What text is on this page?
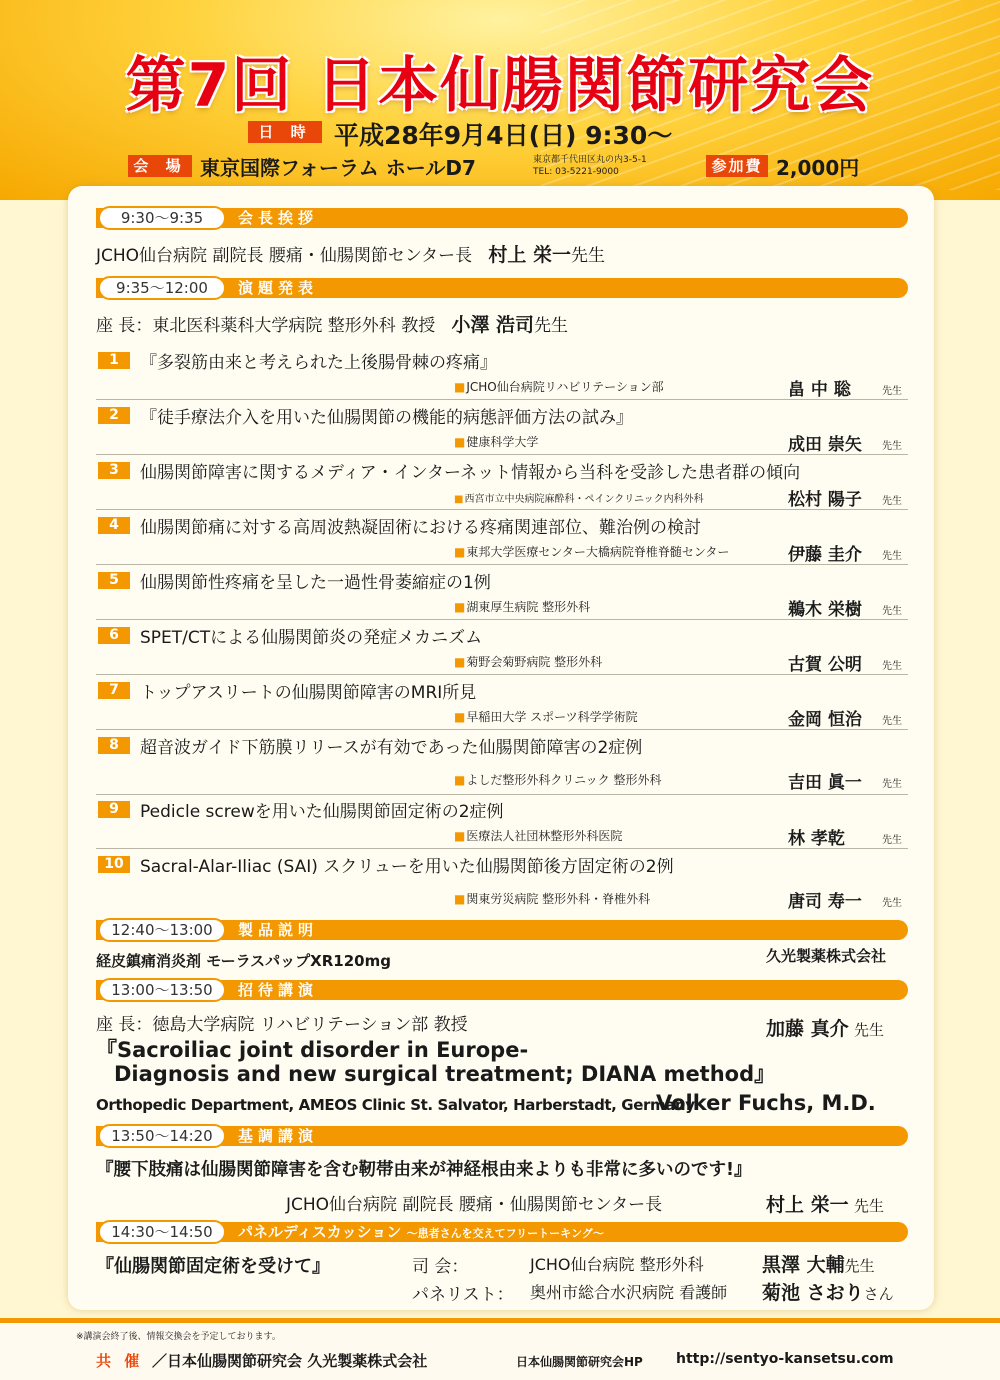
第7回 日本仙腸関節研究会
日 時 平成28年9月4日(日) 9:30〜
会 場 東京国際フォーラム ホールD7	東京都千代田区丸の内3-5-1
TEL: 03-5221-9000	参加費 2,000円
9:30〜9:35	会長挨拶
JCHO仙台病院 副院長 腰痛・仙腸関節センター長 村上 栄一先生
9:35〜12:00	演題発表
座 長：東北医科薬科大学病院 整形外科 教授 小澤 浩司先生
1	『多裂筋由来と考えられた上後腸骨棘の疼痛』
■ JCHO仙台病院リハビリテーション部	畠 中 聡	先生
2	『徒手療法介入を用いた仙腸関節の機能的病態評価方法の試み』
■ 健康科学大学	成田 崇矢 先生
3	仙腸関節障害に関するメディア・インターネット情報から当科を受診した患者群の傾向
■ 西宮市立中央病院麻酔科・ペインクリニック内科外科	松村 陽子 先生
4	仙腸関節痛に対する高周波熱凝固術における疼痛関連部位、難治例の検討
■ 東邦大学医療センター大橋病院脊椎脊髄センター	伊藤 圭介 先生
5	仙腸関節性疼痛を呈した一過性骨萎縮症の1例
■ 湖東厚生病院 整形外科	鵜木 栄樹 先生
6	SPET/CTによる仙腸関節炎の発症メカニズム
■ 菊野会菊野病院 整形外科	古賀 公明 先生
7	トップアスリートの仙腸関節障害のMRI所見
■ 早稲田大学 スポーツ科学学術院	金岡 恒治 先生
8	超音波ガイド下筋膜リリースが有効であった仙腸関節障害の2症例
■ よしだ整形外科クリニック 整形外科	吉田 眞一 先生
9	Pedicle screwを用いた仙腸関節固定術の2症例
■ 医療法人社団林整形外科医院	林 孝乾	先生
10 Sacral-Alar-Iliac (SAI) スクリューを用いた仙腸関節後方固定術の2例
■ 関東労災病院 整形外科・脊椎外科	唐司 寿一 先生
12:40〜13:00	製品説明
経皮鎮痛消炎剤 モーラスパップXR120mg	久光製薬株式会社
13:00〜13:50	招待講演
座 長：徳島大学病院 リハビリテーション部 教授	加藤 真介 先生
『Sacroiliac joint disorder in Europe-
Diagnosis and new surgical treatment; DIANA method』
Orthopedic Department, AMEOS Clinic St. Salvator, Harberstadt, Germany
Volker Fuchs, M.D.
13:50〜14:20	基調講演
『腰下肢痛は仙腸関節障害を含む靭帯由来が神経根由来よりも非常に多いのです!』
JCHO仙台病院 副院長 腰痛・仙腸関節センター長	村上 栄一 先生
14:30〜14:50	パネルディスカッション 〜患者さんを交えてフリートーキング〜
『仙腸関節固定術を受けて』	司 会：	JCHO仙台病院 整形外科	黒澤 大輔先生
パネリスト： 奥州市総合水沢病院 看護師 菊池 さおりさん
※講演会終了後、情報交換会を予定しております。
共 催 ／日本仙腸関節研究会 久光製薬株式会社	日本仙腸関節研究会HP http://sentyo-kansetsu.com
